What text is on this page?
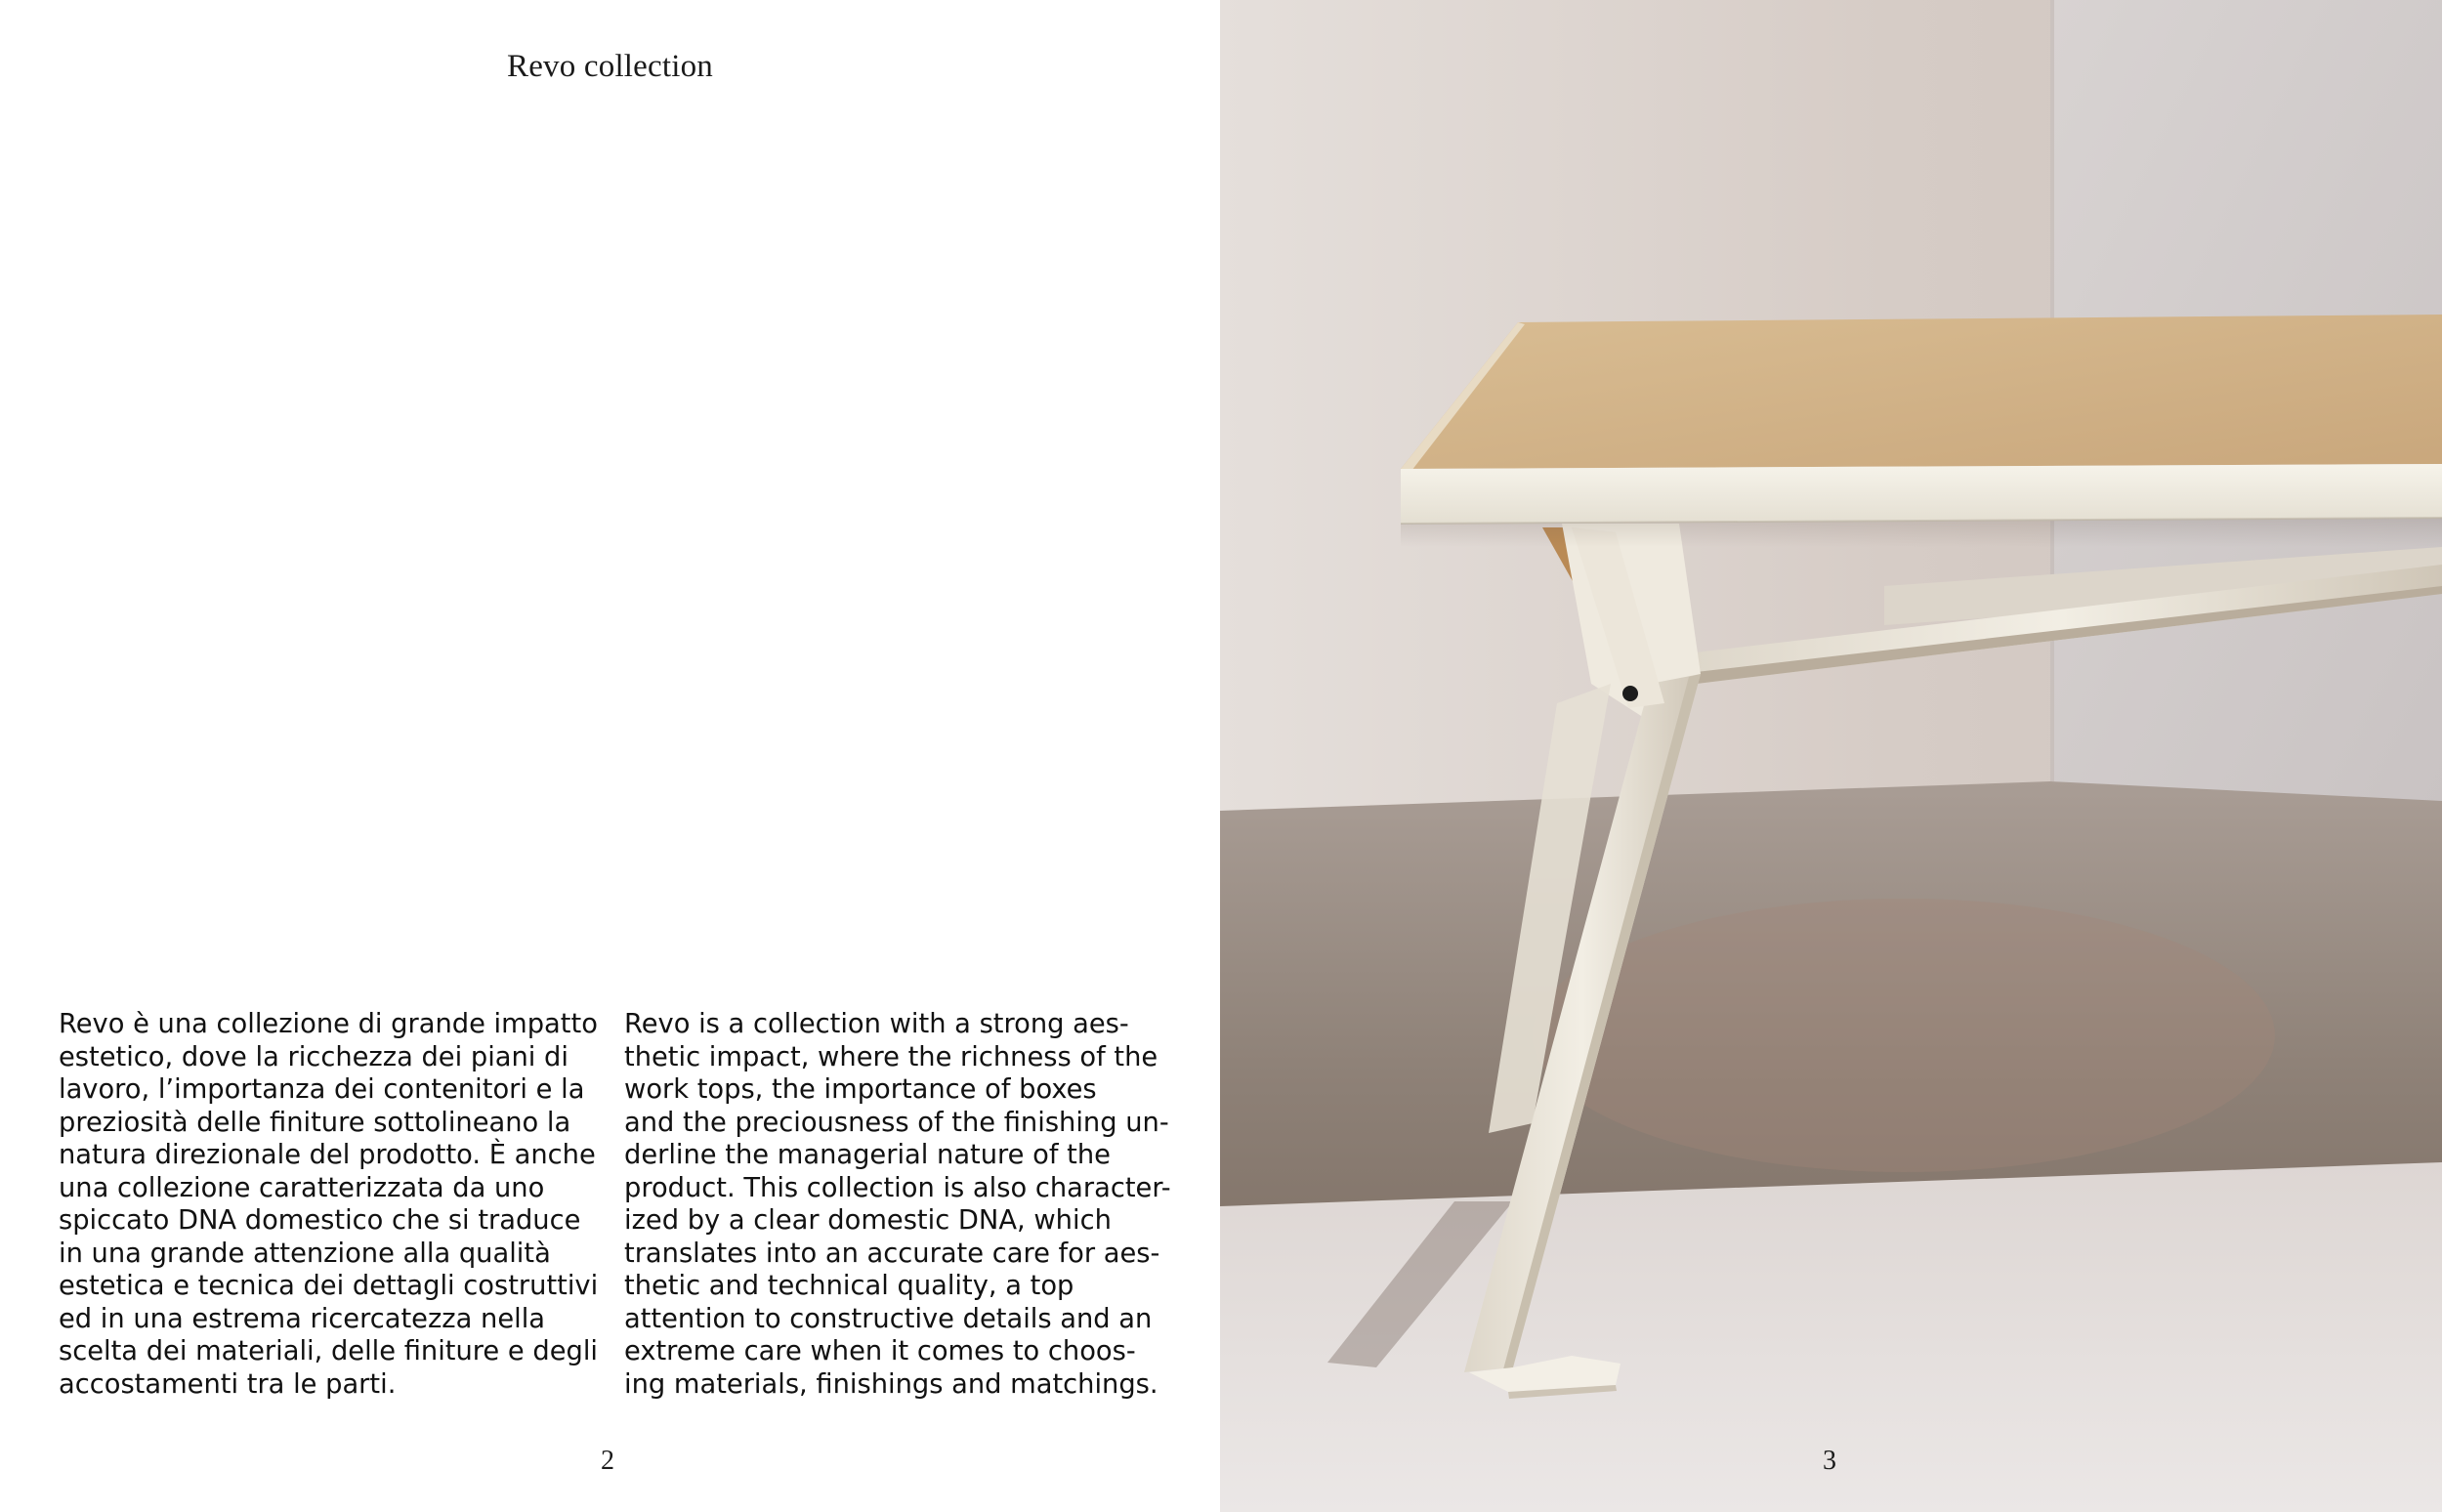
Revo collection

Revo è una collezione di grande impatto
estetico, dove la ricchezza dei piani di
lavoro, l’importanza dei contenitori e la
preziosità delle finiture sottolineano la
natura direzionale del prodotto. È anche
una collezione caratterizzata da uno
spiccato DNA domestico che si traduce
in una grande attenzione alla qualità
estetica e tecnica dei dettagli costruttivi
ed in una estrema ricercatezza nella
scelta dei materiali, delle finiture e degli
accostamenti tra le parti.

Revo is a collection with a strong aes-
thetic impact, where the richness of the
work tops, the importance of boxes
and the preciousness of the finishing un-
derline the managerial nature of the
product. This collection is also character-
ized by a clear domestic DNA, which
translates into an accurate care for aes-
thetic and technical quality, a top
attention to constructive details and an
extreme care when it comes to choos-
ing materials, finishings and matchings.

2	3
